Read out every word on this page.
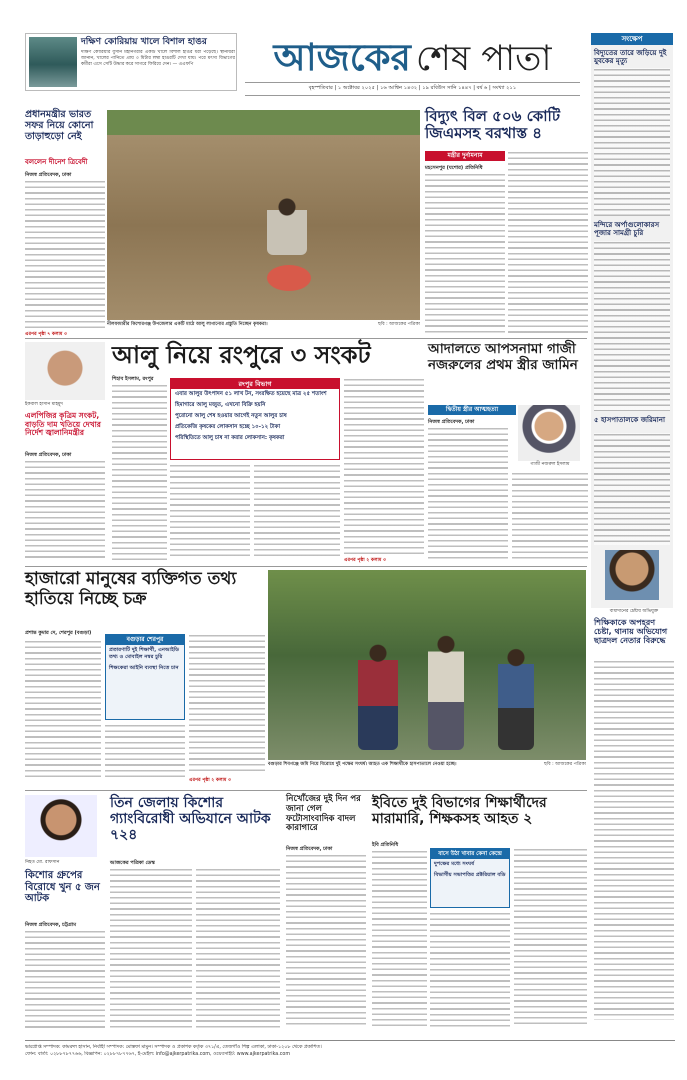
দক্ষিণ কোরিয়ায় খালে বিশাল হাঙর
দক্ষিণ কোরিয়ার বুসান মহানগরীর একটি খালে বিশাল হাঙর ধরা পড়েছে। স্থানীয়রা জানান, খালের পানিতে প্রায় ৩ মিটার লম্বা হাঙরটি দেখা যায়। পরে মৎস্য বিভাগের কর্মীরা এসে সেটি উদ্ধার করে সাগরে ফিরিয়ে দেন। — এএফপি	আজকের শেষ পাতা
বৃহস্পতিবার | ১ অক্টোবর ২০২৫ | ১৬ আশ্বিন ১৪৩২ | ১৯ রবিউস সানি ১৪৪৭ | বর্ষ ৬ | সংখ্যা ২১১
সংক্ষেপ
বিদ্যুতের তারে জড়িয়ে দুই যুবকের মৃত্যু
মন্দিরে অর্পাগুলোকারস পূজার সামগ্রী চুরি
৫ হাসপাতালকে জরিমানা
বাধাদানের চেষ্টায় অভিযুক্ত
শিক্ষিকাকে অপহরণ চেষ্টা, থানায় অভিযোগ ছাত্রদল নেতার বিরুদ্ধে
প্রধানমন্ত্রীর ভারত সফর নিয়ে কোনো তাড়াহুড়ো নেই
বললেন দীনেশ ত্রিবেদী
নিজস্ব প্রতিবেদক, ঢাকা
এরপর পৃষ্ঠা ৭ কলাম ৩
নীলফামারীর কিশোরগঞ্জ উপজেলার একটি মাঠে আলু লাগানোর প্রস্তুতি নিচ্ছেন কৃষকরা।	ছবি : আজকের পত্রিকা
বিদ্যুৎ বিল ৫০৬ কোটি জিএমসহ বরখাস্ত ৪
মন্ত্রীর দুর্নামনাম
মহসেনপুর (যশোর) প্রতিনিধি
ইকবাল হাসান মাহমুদ
এলপিজির কৃত্রিম সংকট, বাড়তি দাম খতিয়ে দেখার নির্দেশ জ্বালানিমন্ত্রীর
নিজস্ব প্রতিবেদক, ঢাকা
আলু নিয়ে রংপুরে ৩ সংকট
শিহাব ইসলাম, রংপুর
রংপুর বিভাগ
এবার আলুর উৎপাদন ৫১ লাখ টন, সংরক্ষিত হয়েছে মাত্র ২৫ শতাংশ
হিমাগারে আলু মজুত, এখনো বিক্রি হয়নি
পুরোনো আলু শেষ হওয়ার আগেই নতুন আলুর চাষ
প্রতিকেজি কৃষকের লোকসান হচ্ছে ১০-১২ টাকা
পরিস্থিতিতে আলু চাষ না করার লোকসান: কৃষকরা
এরপর পৃষ্ঠা ২ কলাম ৩
আদালতে আপসনামা গাজী নজরুলের প্রথম স্ত্রীর জামিন
দ্বিতীয় স্ত্রীর আত্মহত্যা
নিজস্ব প্রতিবেদক, ঢাকা
গাজী নজরুল ইসলাম
হাজারো মানুষের ব্যক্তিগত তথ্য হাতিয়ে নিচ্ছে চক্র
প্রশান্ত কুমার দে, শেরপুর (বগুড়া)
বগুড়ার শেরপুর
প্রতারণাটি দুই শিক্ষার্থী, এনআইডি তথ্য ও মোবাইল নম্বর চুরি
শিক্ষকেরা আইনি ব্যবস্থা নিতে চান
এরপর পৃষ্ঠা ২ কলাম ৩
বগুড়ার শিবগঞ্জে জমি নিয়ে বিরোধে দুই পক্ষের সংঘর্ষ। আহত এক শিক্ষার্থীকে হাসপাতালে নেওয়া হচ্ছে।	ছবি : আজকের পত্রিকা
নিহত মো. রাফসান
কিশোর গ্রুপের বিরোধে খুন ৫ জন আটক
নিজস্ব প্রতিবেদক, চট্টগ্রাম
তিন জেলায় কিশোর গ্যাংবিরোধী অভিযানে আটক ৭২৪
আজকের পত্রিকা ডেস্ক
নিখোঁজের দুই দিন পর জানা গেল ফটোসাংবাদিক বাদল কারাগারে
নিজস্ব প্রতিবেদক, ঢাকা
ইবিতে দুই বিভাগের শিক্ষার্থীদের মারামারি, শিক্ষকসহ আহত ২
ইবি প্রতিনিধি
বাসে উঠা খাবার কেনা কেন্দ্রে
দুপক্ষের মধ্যে সংঘর্ষ
বিভাগীয় সভাপতির প্রক্টরিয়াল বডি
ভারপ্রাপ্ত সম্পাদক: কামরুল হাসান, নির্বাহী সম্পাদক: মোস্তফা মামুন। সম্পাদক ও প্রকাশক কর্তৃক ৩৭১/এ, তেজগাঁও শিল্প এলাকা, ঢাকা-১২০৮ থেকে প্রকাশিত।
ফোন: বার্তা: ০২৮৮৭৮৭৭৬৬, বিজ্ঞাপন: ০২৮৮৭৮৭৭৬৭, ই-মেইল: info@ajkerpatrika.com, ওয়েবসাইট: www.ajkerpatrika.com
